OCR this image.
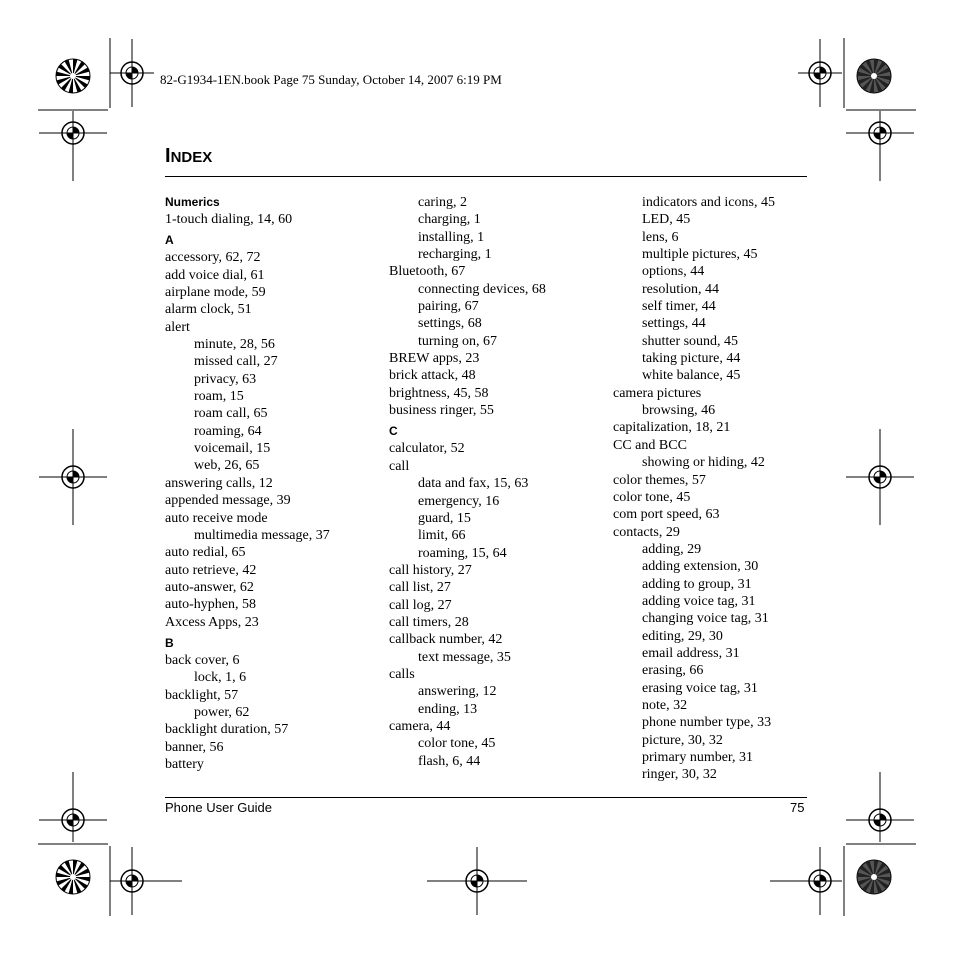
82-G1934-1EN.book Page 75 Sunday, October 14, 2007 6:19 PM
INDEX
Numerics
1-touch dialing, 14, 60
A
accessory, 62, 72
add voice dial, 61
airplane mode, 59
alarm clock, 51
alert
minute, 28, 56
missed call, 27
privacy, 63
roam, 15
roam call, 65
roaming, 64
voicemail, 15
web, 26, 65
answering calls, 12
appended message, 39
auto receive mode
multimedia message, 37
auto redial, 65
auto retrieve, 42
auto-answer, 62
auto-hyphen, 58
Axcess Apps, 23
B
back cover, 6
lock, 1, 6
backlight, 57
power, 62
backlight duration, 57
banner, 56
battery
caring, 2
charging, 1
installing, 1
recharging, 1
Bluetooth, 67
connecting devices, 68
pairing, 67
settings, 68
turning on, 67
BREW apps, 23
brick attack, 48
brightness, 45, 58
business ringer, 55
C
calculator, 52
call
data and fax, 15, 63
emergency, 16
guard, 15
limit, 66
roaming, 15, 64
call history, 27
call list, 27
call log, 27
call timers, 28
callback number, 42
text message, 35
calls
answering, 12
ending, 13
camera, 44
color tone, 45
flash, 6, 44
indicators and icons, 45
LED, 45
lens, 6
multiple pictures, 45
options, 44
resolution, 44
self timer, 44
settings, 44
shutter sound, 45
taking picture, 44
white balance, 45
camera pictures
browsing, 46
capitalization, 18, 21
CC and BCC
showing or hiding, 42
color themes, 57
color tone, 45
com port speed, 63
contacts, 29
adding, 29
adding extension, 30
adding to group, 31
adding voice tag, 31
changing voice tag, 31
editing, 29, 30
email address, 31
erasing, 66
erasing voice tag, 31
note, 32
phone number type, 33
picture, 30, 32
primary number, 31
ringer, 30, 32
Phone User Guide	75
